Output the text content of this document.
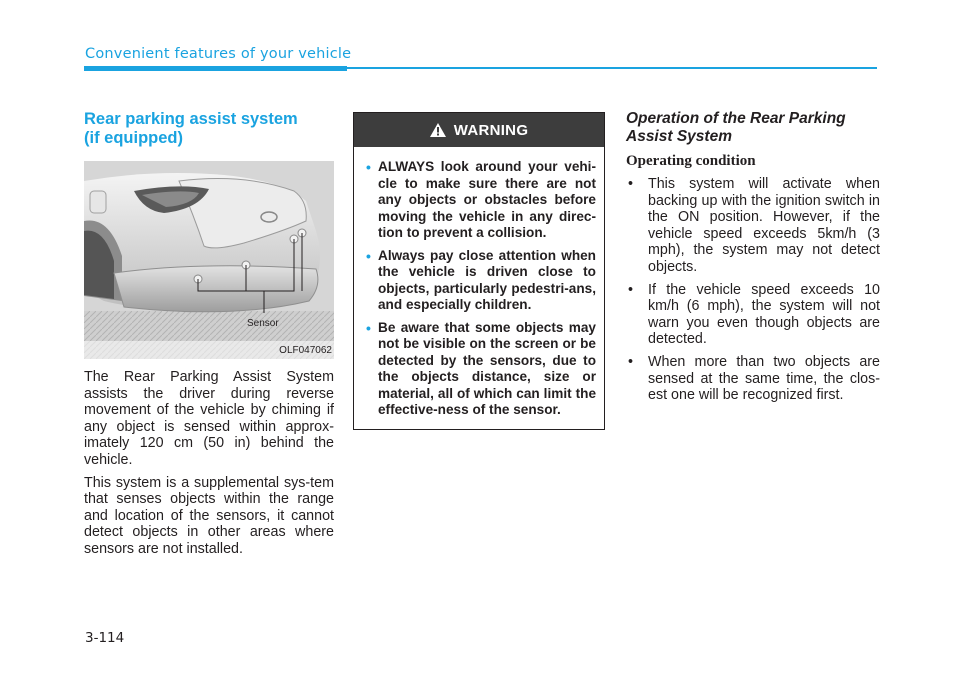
Convenient features of your vehicle
Rear parking assist system
(if equipped)
Sensor
OLF047062

The Rear Parking Assist System assists the driver during reverse movement of the vehicle by chiming if any object is sensed within approx-imately 120 cm (50 in) behind the vehicle.

This system is a supplemental sys-tem that senses objects within the range and location of the sensors, it cannot detect objects in other areas where sensors are not installed.

WARNING
• ALWAYS look around your vehi-cle to make sure there are not any objects or obstacles before moving the vehicle in any direc-tion to prevent a collision.
• Always pay close attention when the vehicle is driven close to objects, particularly pedestri-ans, and especially children.
• Be aware that some objects may not be visible on the screen or be detected by the sensors, due to the objects distance, size or material, all of which can limit the effective-ness of the sensor.
Operation of the Rear Parking
Assist System
Operating condition
• This system will activate when backing up with the ignition switch in the ON position. However, if the vehicle speed exceeds 5km/h (3 mph), the system may not detect objects.
• If the vehicle speed exceeds 10 km/h (6 mph), the system will not warn you even though objects are detected.
• When more than two objects are sensed at the same time, the clos-est one will be recognized first.
3-114
